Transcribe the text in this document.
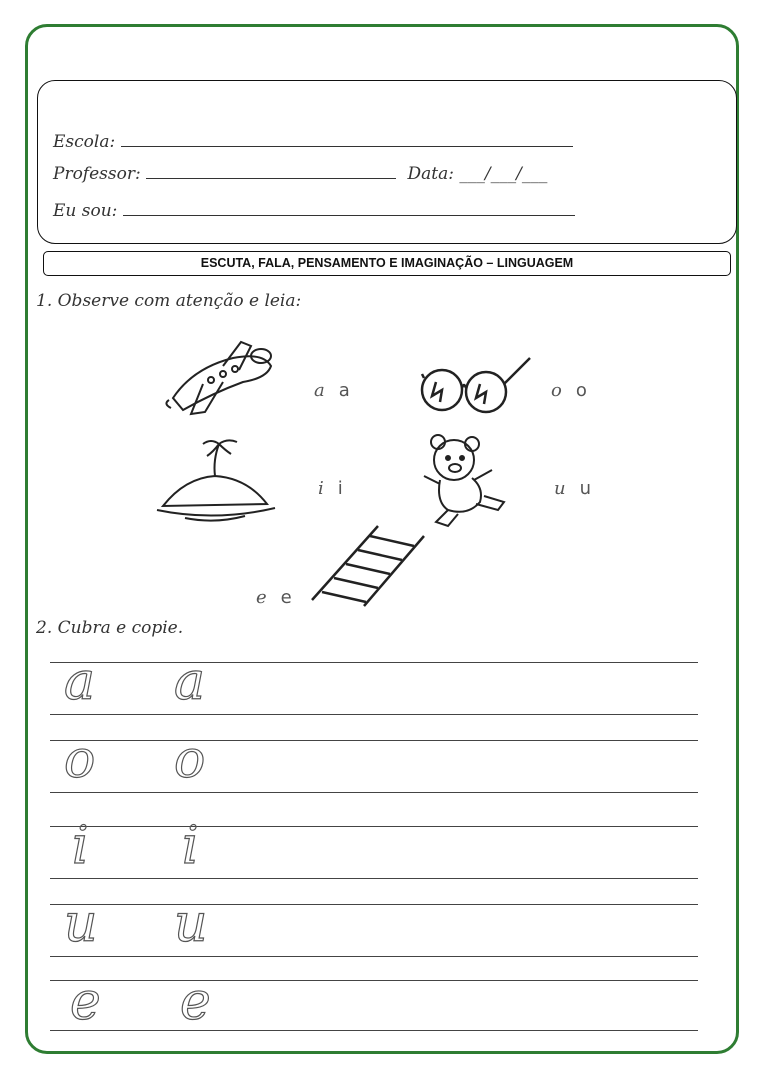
Escola:
Professor:	Data: ___/___/___
Eu sou:
ESCUTA, FALA, PENSAMENTO E IMAGINAÇÃO – LINGUAGEM
1. Observe com atenção e leia:
a a	o o
i i	u u
e e
2. Cubra e copie.
a a
o o
i i
u u
e e
